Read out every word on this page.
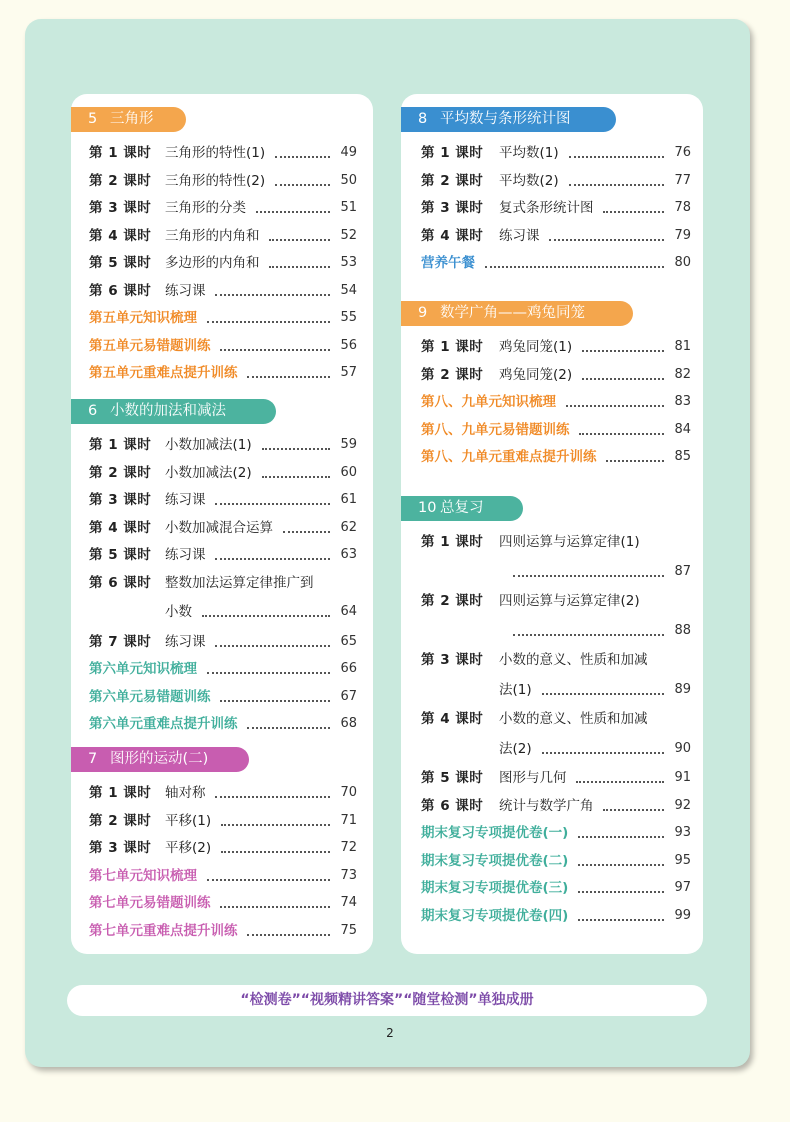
“检测卷”“视频精讲答案”“随堂检测”单独成册
2
5 三角形
第 1 课时 三角形的特性(1)	49
第 2 课时 三角形的特性(2)	50
第 3 课时 三角形的分类	51
第 4 课时 三角形的内角和	52
第 5 课时 多边形的内角和	53
第 6 课时 练习课	54
第五单元知识梳理	55
第五单元易错题训练	56
第五单元重难点提升训练	57
6 小数的加法和减法
第 1 课时 小数加减法(1)	59
第 2 课时 小数加减法(2)	60
第 3 课时 练习课	61
第 4 课时 小数加减混合运算	62
第 5 课时 练习课	63
第 6 课时 整数加法运算定律推广到
小数	64
第 7 课时 练习课	65
第六单元知识梳理	66
第六单元易错题训练	67
第六单元重难点提升训练	68
7 图形的运动(二)
第 1 课时 轴对称	70
第 2 课时 平移(1)	71
第 3 课时 平移(2)	72
第七单元知识梳理	73
第七单元易错题训练	74
第七单元重难点提升训练	75
8 平均数与条形统计图
第 1 课时 平均数(1)	76
第 2 课时 平均数(2)	77
第 3 课时 复式条形统计图	78
第 4 课时 练习课	79
营养午餐	80
9 数学广角——鸡兔同笼
第 1 课时 鸡兔同笼(1)	81
第 2 课时 鸡兔同笼(2)	82
第八、九单元知识梳理	83
第八、九单元易错题训练	84
第八、九单元重难点提升训练	85
10 总复习
第 1 课时 四则运算与运算定律(1)
87
第 2 课时 四则运算与运算定律(2)
88
第 3 课时 小数的意义、性质和加减
法(1)	89
第 4 课时 小数的意义、性质和加减
法(2)	90
第 5 课时 图形与几何	91
第 6 课时 统计与数学广角	92
期末复习专项提优卷(一)	93
期末复习专项提优卷(二)	95
期末复习专项提优卷(三)	97
期末复习专项提优卷(四)	99
